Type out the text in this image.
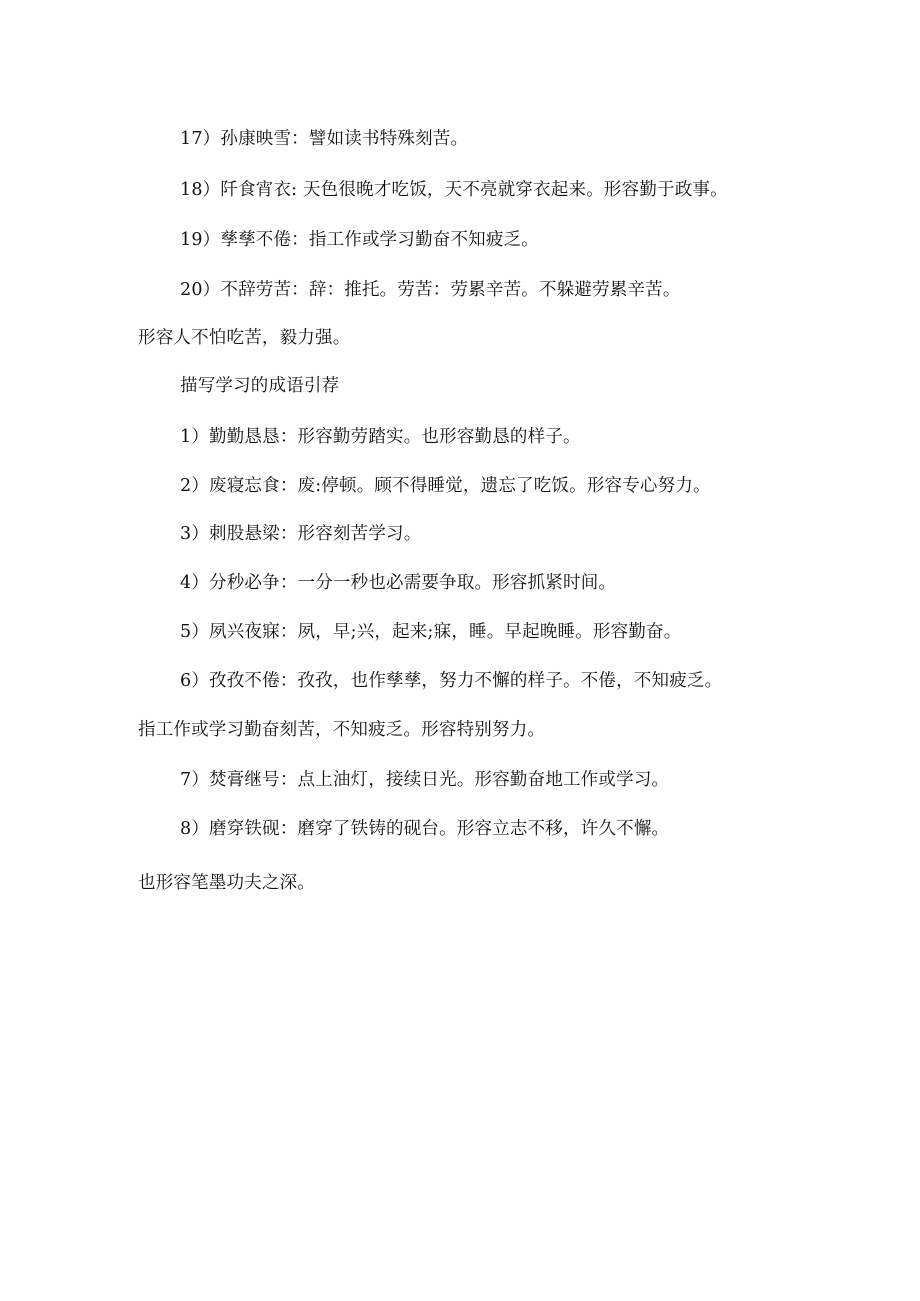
17）孙康映雪：譬如读书特殊刻苦。
18）阡食宵衣: 天色很晚才吃饭，天不亮就穿衣起来。形容勤于政事。
19）孳孳不倦：指工作或学习勤奋不知疲乏。
20）不辞劳苦：辞：推托。劳苦：劳累辛苦。不躲避劳累辛苦。
形容人不怕吃苦，毅力强。
描写学习的成语引荐
1）勤勤恳恳：形容勤劳踏实。也形容勤恳的样子。
2）废寝忘食：废:停顿。顾不得睡觉，遗忘了吃饭。形容专心努力。
3）刺股悬梁：形容刻苦学习。
4）分秒必争：一分一秒也必需要争取。形容抓紧时间。
5）夙兴夜寐：夙，早;兴，起来;寐，睡。早起晚睡。形容勤奋。
6）孜孜不倦：孜孜，也作孳孳，努力不懈的样子。不倦，不知疲乏。
指工作或学习勤奋刻苦，不知疲乏。形容特别努力。
7）焚膏继号：点上油灯，接续日光。形容勤奋地工作或学习。
8）磨穿铁砚：磨穿了铁铸的砚台。形容立志不移，许久不懈。
也形容笔墨功夫之深。
